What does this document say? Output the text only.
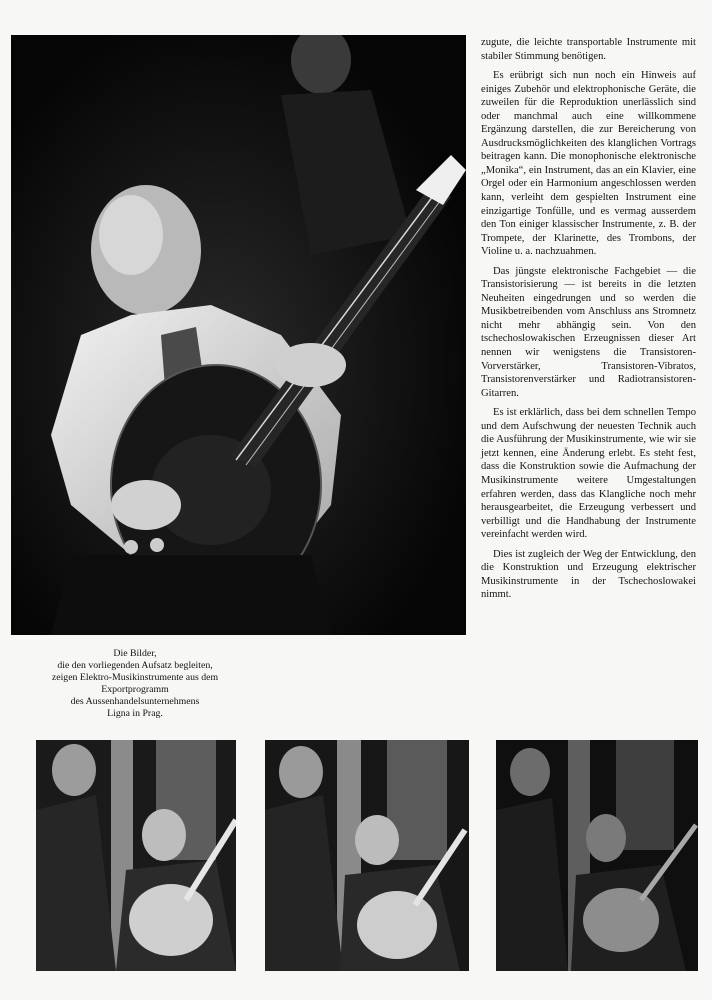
zugute, die leichte transportable Instrumente mit stabiler Stimmung benötigen.

Es erübrigt sich nun noch ein Hinweis auf einiges Zubehör und elektrophonische Geräte, die zuweilen für die Reproduktion unerlässlich sind oder manchmal auch eine willkommene Ergänzung darstellen, die zur Bereicherung von Ausdrucksmöglichkeiten des klanglichen Vortrags beitragen kann. Die monophonische elektronische „Monika“, ein Instrument, das an ein Klavier, eine Orgel oder ein Harmonium angeschlossen werden kann, verleiht dem gespielten Instrument eine einzigartige Tonfülle, und es vermag ausserdem den Ton einiger klassischer Instrumente, z. B. der Trompete, der Klarinette, des Trombons, der Violine u. a. nachzuahmen.

Das jüngste elektronische Fachgebiet — die Transistorisierung — ist bereits in die letzten Neuheiten eingedrungen und so werden die Musikbetreibenden vom Anschluss ans Stromnetz nicht mehr abhängig sein. Von den tschechoslowakischen Erzeugnissen dieser Art nennen wir wenigstens die Transistoren-Vorverstärker, Transistoren-Vibratos, Transistorenverstärker und Radiotransistoren-Gitarren.

Es ist erklärlich, dass bei dem schnellen Tempo und dem Aufschwung der neuesten Technik auch die Ausführung der Musikinstrumente, wie wir sie jetzt kennen, eine Änderung erlebt. Es steht fest, dass die Konstruktion sowie die Aufmachung der Musikinstrumente weitere Umgestaltungen erfahren werden, dass das Klangliche noch mehr herausgearbeitet, die Erzeugung verbessert und verbilligt und die Handhabung der Instrumente vereinfacht werden wird.

Dies ist zugleich der Weg der Entwicklung, den die Konstruktion und Erzeugung elektrischer Musikinstrumente in der Tschechoslowakei nimmt.

Die Bilder,
die den vorliegenden Aufsatz begleiten,
zeigen Elektro-Musikinstrumente aus dem
Exportprogramm
des Aussenhandelsunternehmens
Ligna in Prag.
